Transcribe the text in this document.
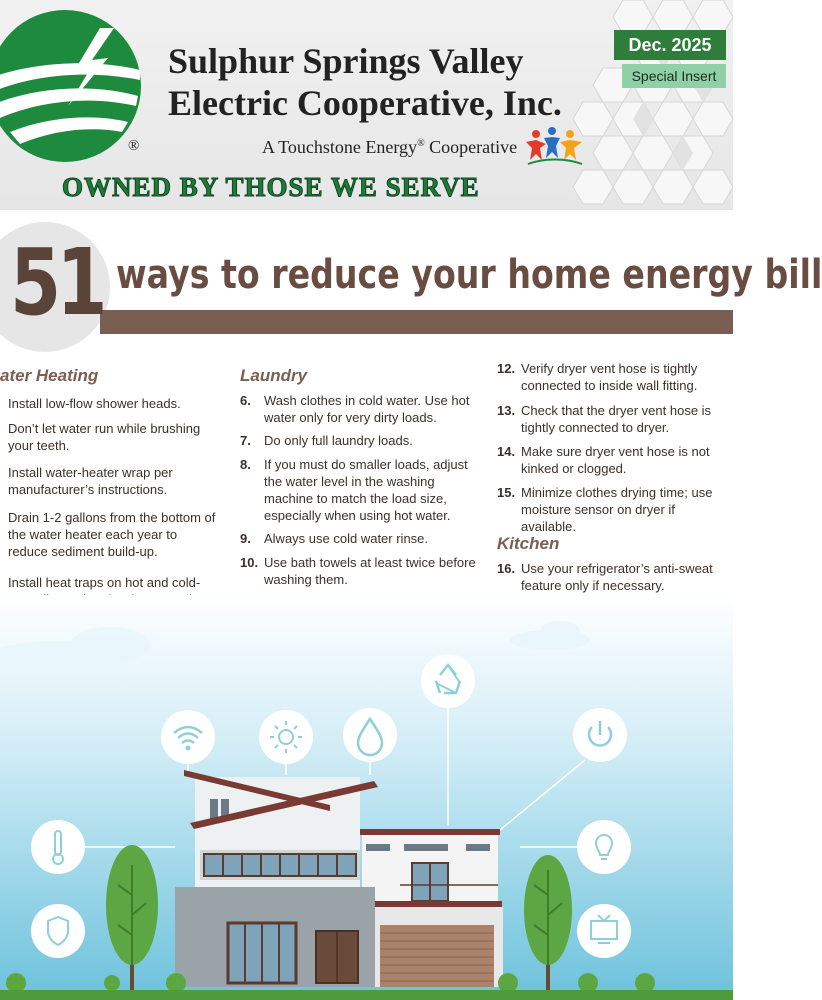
®
Sulphur Springs Valley
Electric Cooperative, Inc.
A Touchstone Energy® Cooperative
OWNED BY THOSE WE SERVE
Dec. 2025
Special Insert
51 ways to reduce your home energy bill
ater Heating
Install low-flow shower heads.
Don’t let water run while brushing your teeth.
Install water-heater wrap per manufacturer’s instructions.
Drain 1-2 gallons from the bottom of the water heater each year to reduce sediment build-up.
Install heat traps on hot and cold-
Laundry
6.	Wash clothes in cold water. Use hot water only for very dirty loads.
7.	Do only full laundry loads.
8.	If you must do smaller loads, adjust the water level in the washing machine to match the load size, especially when using hot water.
9.	Always use cold water rinse.
10. Use bath towels at least twice before washing them.
12. Verify dryer vent hose is tightly connected to inside wall fitting.
13. Check that the dryer vent hose is tightly connected to dryer.
14. Make sure dryer vent hose is not kinked or clogged.
15. Minimize clothes drying time; use moisture sensor on dryer if available.
Kitchen
16. Use your refrigerator’s anti-sweat feature only if necessary.
